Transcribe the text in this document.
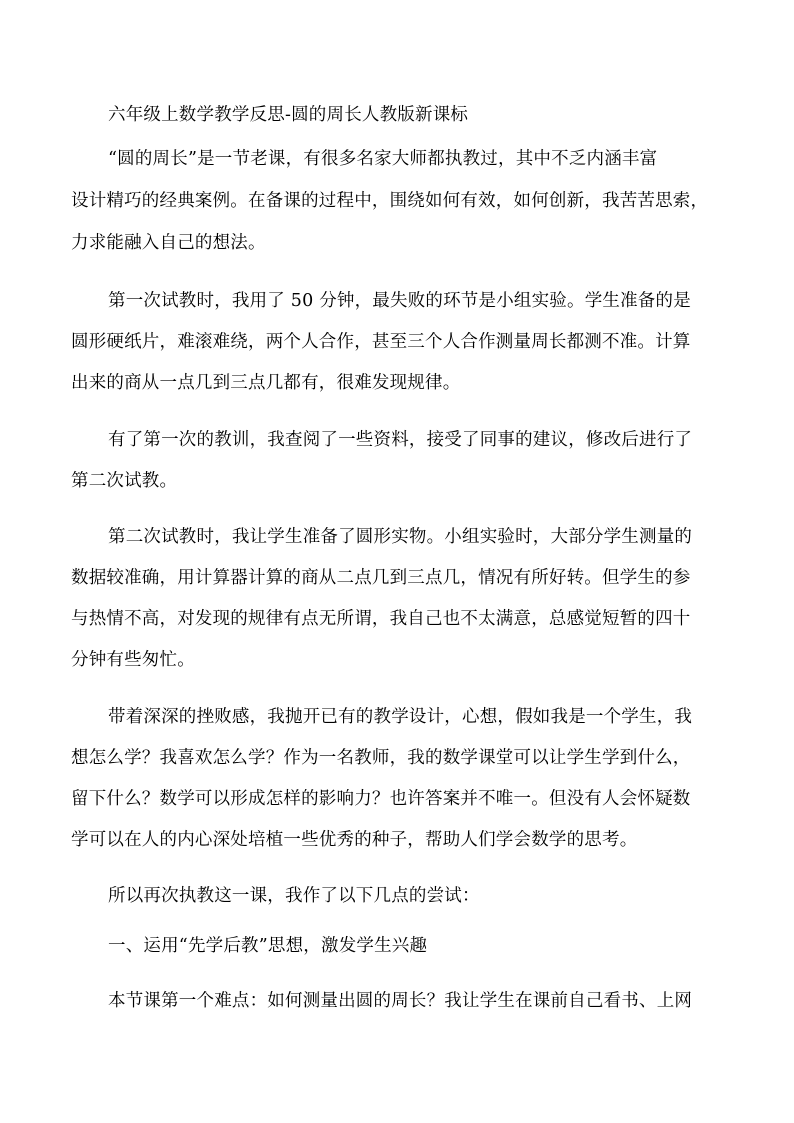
六年级上数学教学反思-圆的周长人教版新课标
“圆的周长”是一节老课，有很多名家大师都执教过，其中不乏内涵丰富
设计精巧的经典案例。在备课的过程中，围绕如何有效，如何创新，我苦苦思索，
力求能融入自己的想法。
第一次试教时，我用了 50 分钟，最失败的环节是小组实验。学生准备的是
圆形硬纸片，难滚难绕，两个人合作，甚至三个人合作测量周长都测不准。计算
出来的商从一点几到三点几都有，很难发现规律。
有了第一次的教训，我查阅了一些资料，接受了同事的建议，修改后进行了
第二次试教。
第二次试教时，我让学生准备了圆形实物。小组实验时，大部分学生测量的
数据较准确，用计算器计算的商从二点几到三点几，情况有所好转。但学生的参
与热情不高，对发现的规律有点无所谓，我自己也不太满意，总感觉短暂的四十
分钟有些匆忙。
带着深深的挫败感，我抛开已有的教学设计，心想，假如我是一个学生，我
想怎么学？我喜欢怎么学？作为一名教师，我的数学课堂可以让学生学到什么，
留下什么？数学可以形成怎样的影响力？也许答案并不唯一。但没有人会怀疑数
学可以在人的内心深处培植一些优秀的种子，帮助人们学会数学的思考。
所以再次执教这一课，我作了以下几点的尝试：
一、运用“先学后教”思想，激发学生兴趣
本节课第一个难点：如何测量出圆的周长？我让学生在课前自己看书、上网
